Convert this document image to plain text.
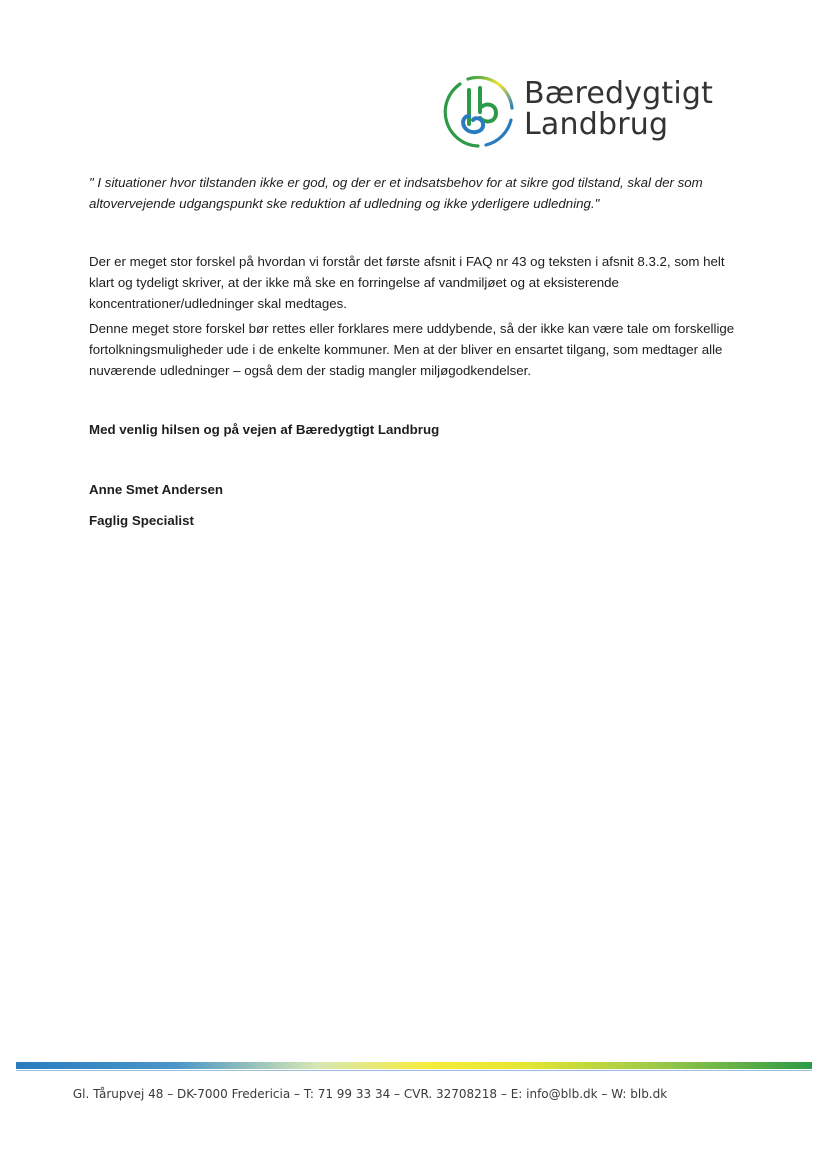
Bæredygtigt
Landbrug

" I situationer hvor tilstanden ikke er god, og der er et indsatsbehov for at sikre god tilstand, skal der som altovervejende udgangspunkt ske reduktion af udledning og ikke yderligere udledning."

Der er meget stor forskel på hvordan vi forstår det første afsnit i FAQ nr 43 og teksten i afsnit 8.3.2, som helt klart og tydeligt skriver, at der ikke må ske en forringelse af vandmiljøet og at eksisterende koncentrationer/udledninger skal medtages.

Denne meget store forskel bør rettes eller forklares mere uddybende, så der ikke kan være tale om forskellige fortolkningsmuligheder ude i de enkelte kommuner. Men at der bliver en ensartet tilgang, som medtager alle nuværende udledninger – også dem der stadig mangler miljøgodkendelser.

Med venlig hilsen og på vejen af Bæredygtigt Landbrug

Anne Smet Andersen

Faglig Specialist

Gl. Tårupvej 48 – DK-7000 Fredericia – T: 71 99 33 34 – CVR. 32708218 – E: info@blb.dk – W: blb.dk
